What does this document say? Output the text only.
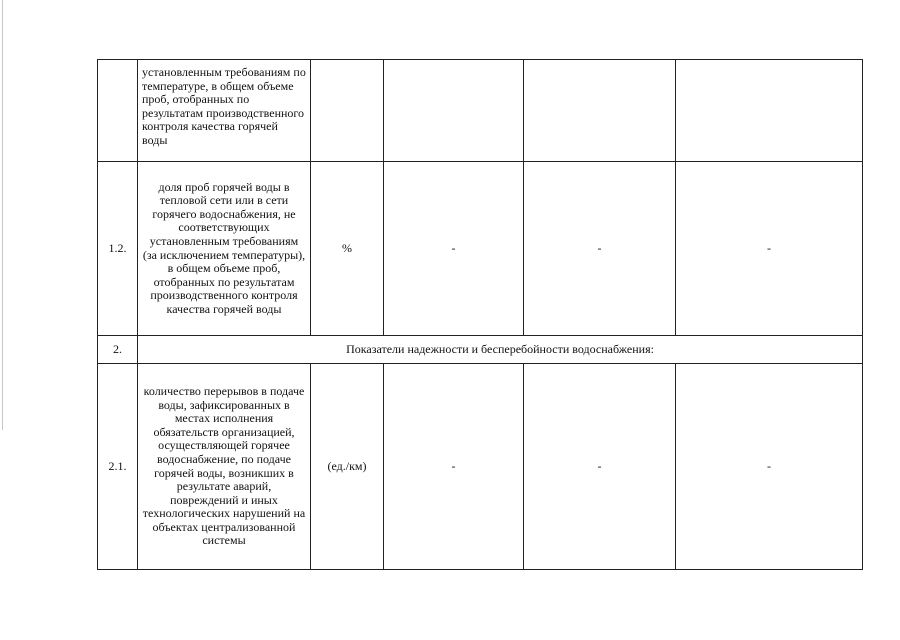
	установленным требованиям по температуре, в общем объеме проб, отобранных по результатам производственного контроля качества горячей воды				
1.2.	доля проб горячей воды в тепловой сети или в сети горячего водоснабжения, не соответствующих установленным требованиям (за исключением температуры), в общем объеме проб, отобранных по результатам производственного контроля качества горячей воды	%	-	-	-
2.	Показатели надежности и бесперебойности водоснабжения:				
2.1.	количество перерывов в подаче воды, зафиксированных в местах исполнения обязательств организацией, осуществляющей горячее водоснабжение, по подаче горячей воды, возникших в результате аварий, повреждений и иных технологических нарушений на объектах централизованной системы	(ед./км)	-	-	-
